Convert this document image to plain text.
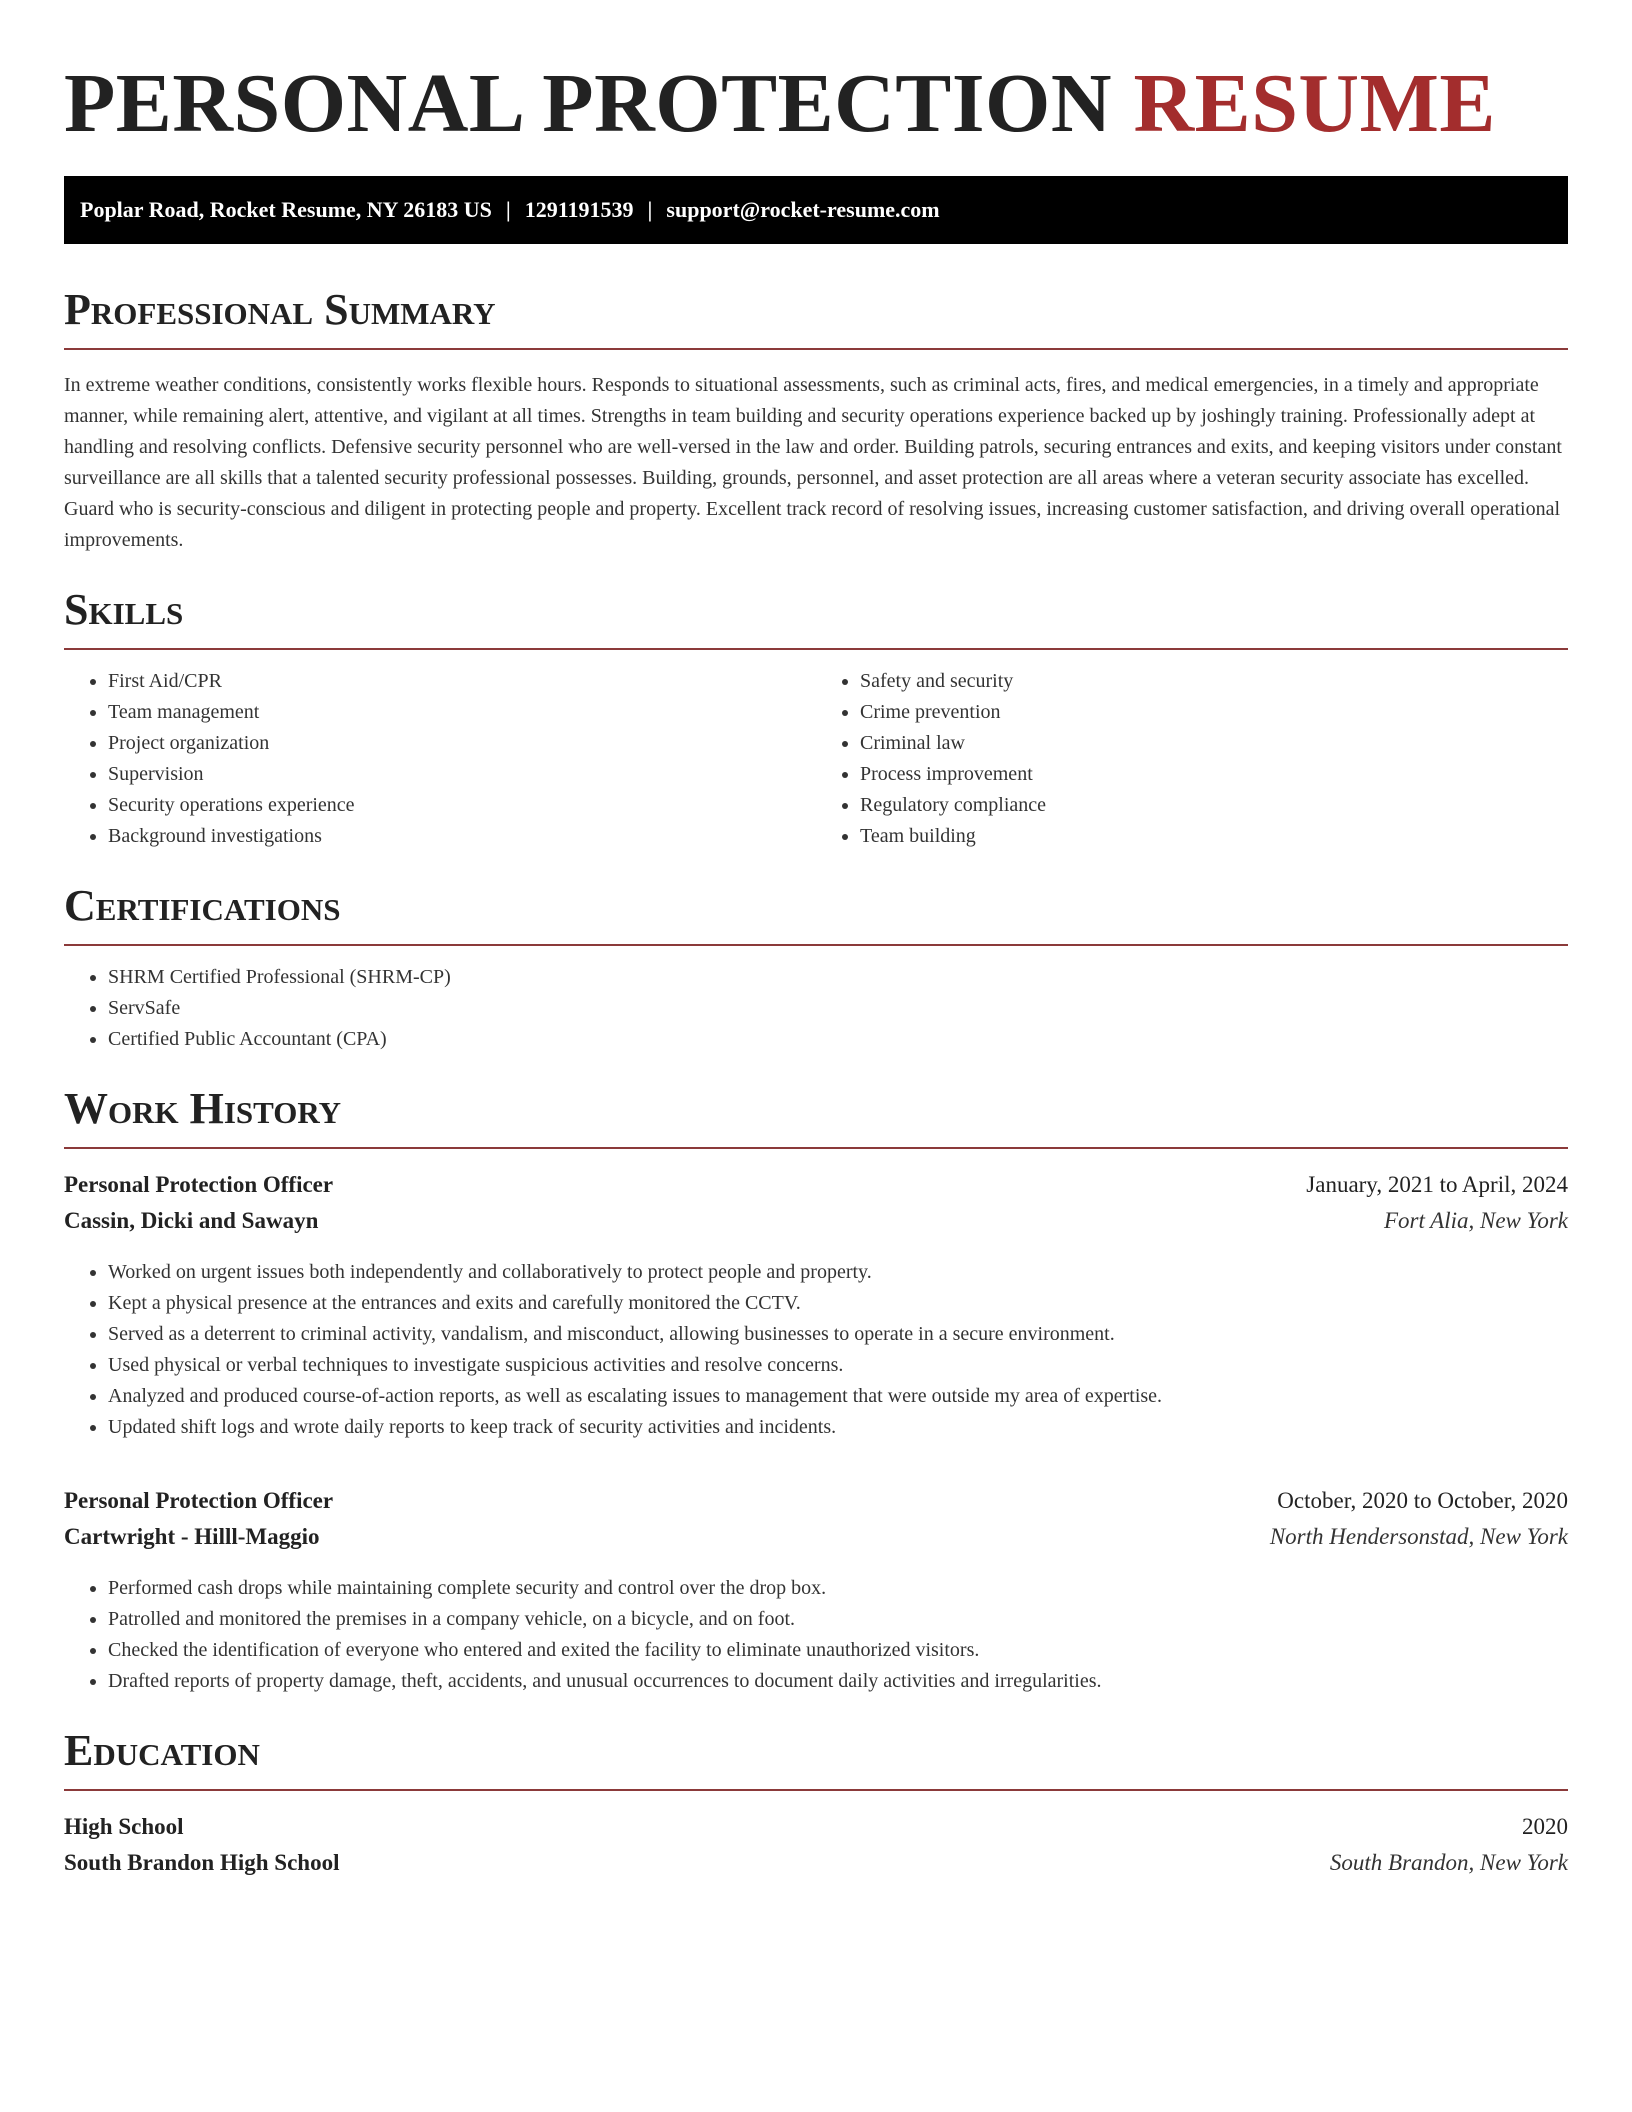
PERSONAL PROTECTION RESUME
Poplar Road, Rocket Resume, NY 26183 US | 1291191539 | support@rocket-resume.com
Professional Summary

In extreme weather conditions, consistently works flexible hours. Responds to situational assessments, such as criminal acts, fires, and medical emergencies, in a timely and appropriate manner, while remaining alert, attentive, and vigilant at all times. Strengths in team building and security operations experience backed up by joshingly training. Professionally adept at handling and resolving conflicts. Defensive security personnel who are well-versed in the law and order. Building patrols, securing entrances and exits, and keeping visitors under constant surveillance are all skills that a talented security professional possesses. Building, grounds, personnel, and asset protection are all areas where a veteran security associate has excelled. Guard who is security-conscious and diligent in protecting people and property. Excellent track record of resolving issues, increasing customer satisfaction, and driving overall operational improvements.

Skills
• First Aid/CPR
• Team management
• Project organization
• Supervision
• Security operations experience
• Background investigations
• Safety and security
• Crime prevention
• Criminal law
• Process improvement
• Regulatory compliance
• Team building
Certifications
• SHRM Certified Professional (SHRM-CP)
• ServSafe
• Certified Public Accountant (CPA)
Work History
Personal Protection Officer	January, 2021 to April, 2024
Cassin, Dicki and Sawayn	Fort Alia, New York
• Worked on urgent issues both independently and collaboratively to protect people and property.
• Kept a physical presence at the entrances and exits and carefully monitored the CCTV.
• Served as a deterrent to criminal activity, vandalism, and misconduct, allowing businesses to operate in a secure environment.
• Used physical or verbal techniques to investigate suspicious activities and resolve concerns.
• Analyzed and produced course-of-action reports, as well as escalating issues to management that were outside my area of expertise.
• Updated shift logs and wrote daily reports to keep track of security activities and incidents.
Personal Protection Officer	October, 2020 to October, 2020
Cartwright - Hilll-Maggio	North Hendersonstad, New York
• Performed cash drops while maintaining complete security and control over the drop box.
• Patrolled and monitored the premises in a company vehicle, on a bicycle, and on foot.
• Checked the identification of everyone who entered and exited the facility to eliminate unauthorized visitors.
• Drafted reports of property damage, theft, accidents, and unusual occurrences to document daily activities and irregularities.
Education
High School	2020
South Brandon High School	South Brandon, New York
